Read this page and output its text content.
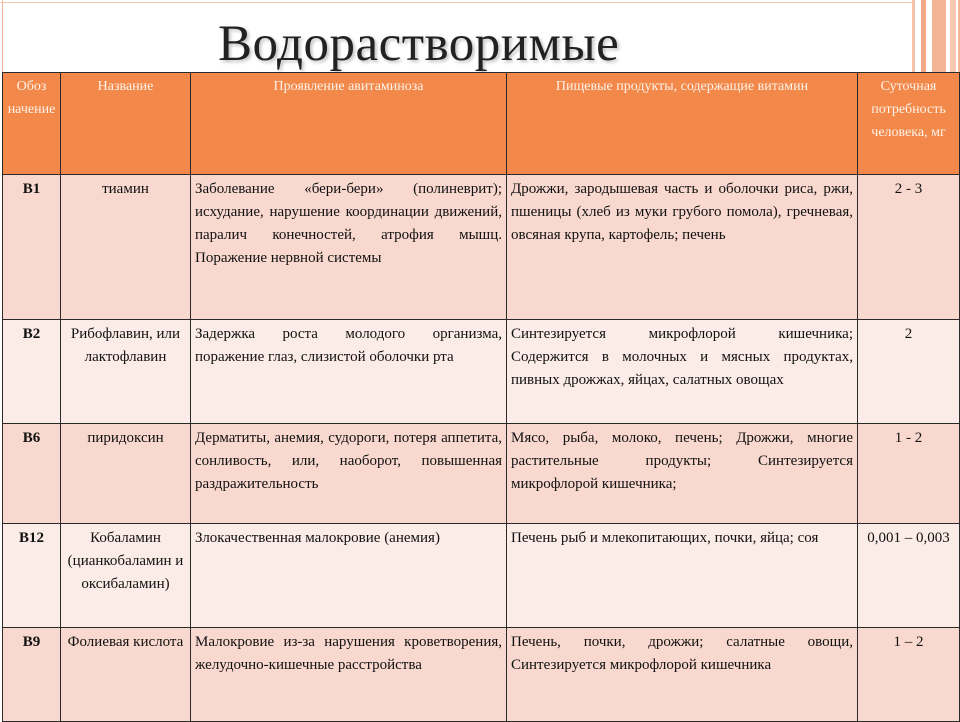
Водорастворимые
Обоз начение	Название	Проявление авитаминоза	Пищевые продукты, содержащие витамин	Суточная потребность человека, мг
B1	тиамин	Заболевание «бери-бери» (полиневрит); исхудание, нарушение координации движений, паралич конечностей, атрофия мышц. Поражение нервной системы	Дрожжи, зародышевая часть и оболочки риса, ржи, пшеницы (хлеб из муки грубого помола), гречневая, овсяная крупа, картофель; печень	2 - 3
B2	Рибофлавин, или лактофлавин	Задержка роста молодого организма, поражение глаз, слизистой оболочки рта	Синтезируется микрофлорой кишечника; Содержится в молочных и мясных продуктах, пивных дрожжах, яйцах, салатных овощах	2
B6	пиридоксин	Дерматиты, анемия, судороги, потеря аппетита, сонливость, или, наоборот, повышенная раздражительность	Мясо, рыба, молоко, печень; Дрожжи, многие растительные продукты; Синтезируется микрофлорой кишечника;	1 - 2
B12	Кобаламин (цианкобаламин и оксибаламин)	Злокачественная малокровие (анемия)	Печень рыб и млекопитающих, почки, яйца; соя	0,001 – 0,003
B9	Фолиевая кислота	Малокровие из-за нарушения кроветворения, желудочно-кишечные расстройства	Печень, почки, дрожжи; салатные овощи, Синтезируется микрофлорой кишечника	1 – 2
